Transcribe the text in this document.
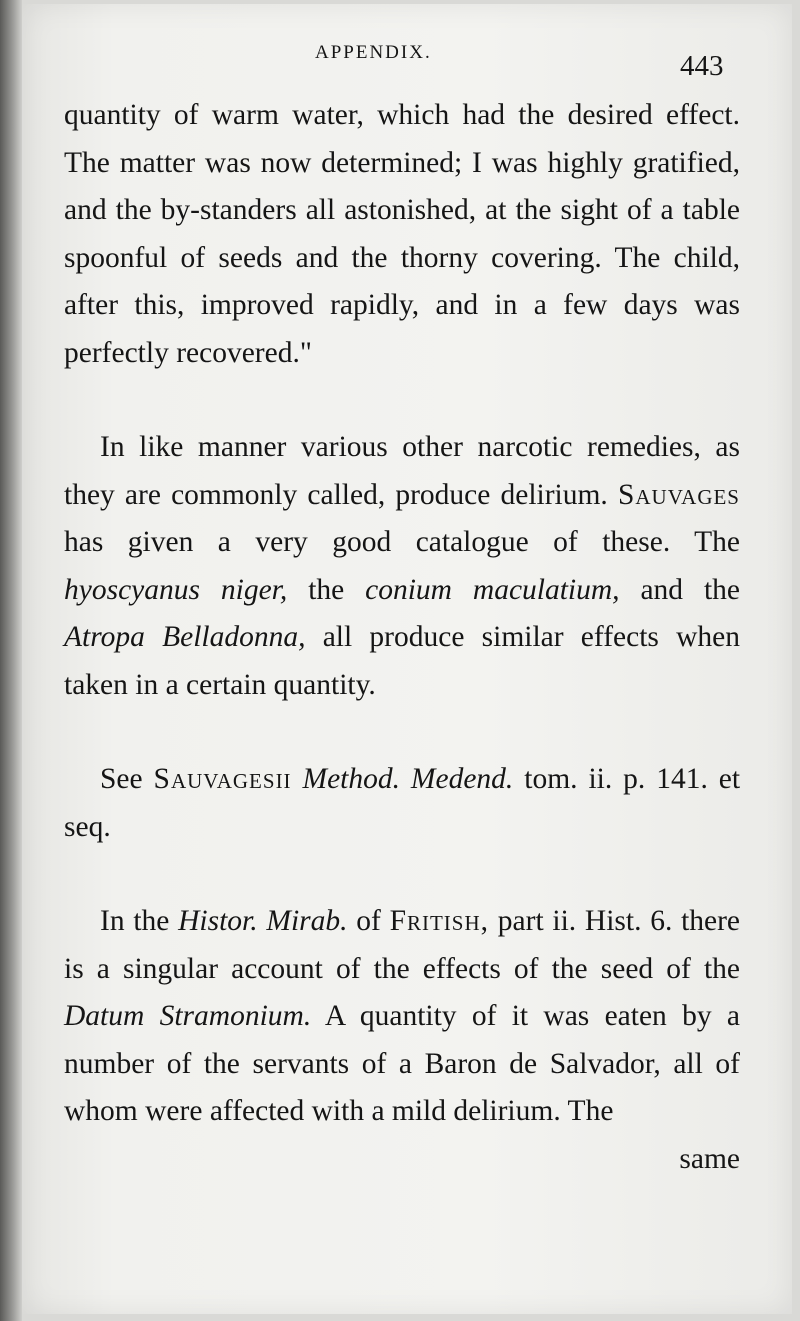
APPENDIX.	443

quantity of warm water, which had the desired effect. The matter was now determined; I was highly gratified, and the by-standers all astonished, at the sight of a table spoonful of seeds and the thorny covering. The child, after this, improved rapidly, and in a few days was perfectly recovered."

In like manner various other narcotic remedies, as they are commonly called, produce delirium. Sauvages has given a very good catalogue of these. The hyoscyanus niger, the conium maculatium, and the Atropa Belladonna, all produce similar effects when taken in a certain quantity.

See Sauvagesii Method. Medend. tom. ii. p. 141. et seq.

In the Histor. Mirab. of Fritish, part ii. Hist. 6. there is a singular account of the effects of the seed of the Datum Stramonium. A quantity of it was eaten by a number of the servants of a Baron de Salvador, all of whom were affected with a mild delirium. The

same
